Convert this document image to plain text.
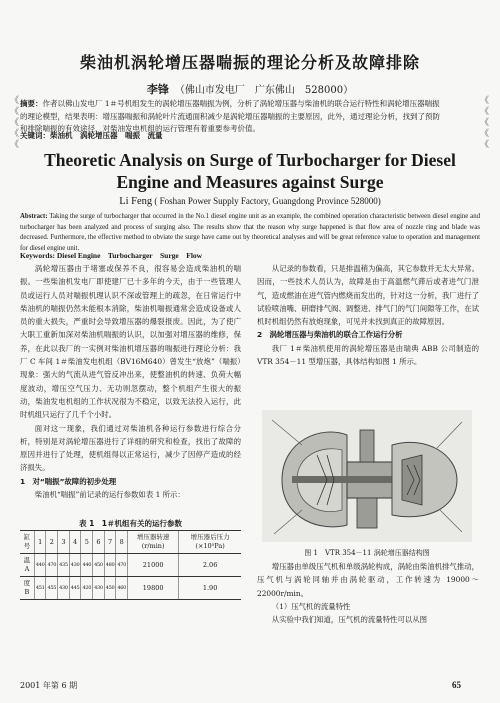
柴油机涡轮增压器喘振的理论分析及故障排除
李锋 （佛山市发电厂　广东佛山　528000）
《
《
《
《
《
《
《
《
《
《
摘要：作者以佛山发电厂 1＃号机组发生的涡轮增压器喘振为例，分析了涡轮增压器与柴油机的联合运行特性和涡轮增压器喘振的理论模型，结果表明：增压器喘振和涡轮叶片流通面积减少是涡轮增压器喘振的主要原因，此外，通过理论分析，找到了预防和排除喘振的有效途径，对柴油发电机组的运行管理有着重要参考价值。
关键词：柴油机　涡轮增压器　喘振　流量
Theoretic Analysis on Surge of Turbocharger for Diesel
Engine and Measures against Surge
Li Feng ( Foshan Power Supply Factory, Guangdong Province 528000)
Abstract: Taking the surge of turbocharger that occurred in the No.1 diesel engine unit as an example, the combined operation characteristic between diesel engine and turbocharger has been analyzed and process of surging also. The results show that the reason why surge happened is that flow area of nozzle ring and blade was decreased. Furthermore, the effective method to obviate the surge have came out by theoretical analyses and will be great reference value to operation and management for diesel engine unit.
Keywords: Diesel Engine　Turbocharger　Surge　Flow

涡轮增压器由于堵塞或保养不良，很容易会造成柴油机的喘振。一些柴油机发电厂即使建厂已十多年的今天，由于一些管理人员或运行人员对喘振机理认识不深或管理上的疏忽，在日常运行中柴油机的喘振仍然未能根本消除，柴油机喘振通常会造成设备或人员的重大损失，严重时会导致增压器的爆裂报废。因此，为了使广大职工重新加深对柴油机喘振的认识，以加强对增压器的维修，保养，在此以我厂的一实例对柴油机增压器的喘振进行理论分析：我厂 C 车间 1＃柴油发电机组（BV16M640）曾发生“放炮”（喘振）现象：强大的气流从进气管反冲出来，使整油机的转速、负荷大幅度波动，增压空气压力、无功则忽摆动，整个机组产生很大的振动，柴油发电机组的工作状况很为不稳定，以致无法投入运行，此时机组只运行了几千个小时。

面对这一现象，我们通过对柴油机各种运行参数进行综合分析，特别是对涡轮增压器进行了详细的研究和检查，找出了故障的原因并进行了处理，使机组得以正常运行，减少了因停产造成的经济损失。

1　对“喘振”故障的初步处理

柴油机“喘振”前记录的运行参数如表 1 所示：

表 1　1＃机组有关的运行参数
缸号	1	2	3	4	5	6	7	8	增压器转速(r/min)	增压器后压力(×10⁵Pa)
温 A	440	470	435	430	440	450	480	470	21000	2.06
度 B	451	455	430	445	420	430	450	460	19800	1.90

从记录的参数看，只是排温稍为偏高，其它参数并无太大异常。因而，一些技术人员认为，故障是由于高温燃气滞后或者进气门泄气，造成燃油在进气管内燃烧而发出的，针对这一分析，我厂进行了试验喷油嘴、研磨排气阀、调整进、排气门的气门间隙等工作，在试机时机组仍然有放炮现象，可见并未找到真正的故障原因。

2　涡轮增压器与柴油机的联合工作运行分析

我厂 1＃柴油机使用的涡轮增压器是由瑞典 ABB 公司制造的 VTR 354－11 型增压器，具体结构如图 1 所示。

图 1　VTR 354－11 涡轮增压器结构图

增压器由单级压气机和单级涡轮构成，涡轮由柴油机排气推动，压气机与涡轮同轴并由涡轮驱动，工作转速为 19000～22000r/min。

（1）压气机的流量特性

从实验中我们知道，压气机的流量特性可以从图

2001 年第 6 期	65
